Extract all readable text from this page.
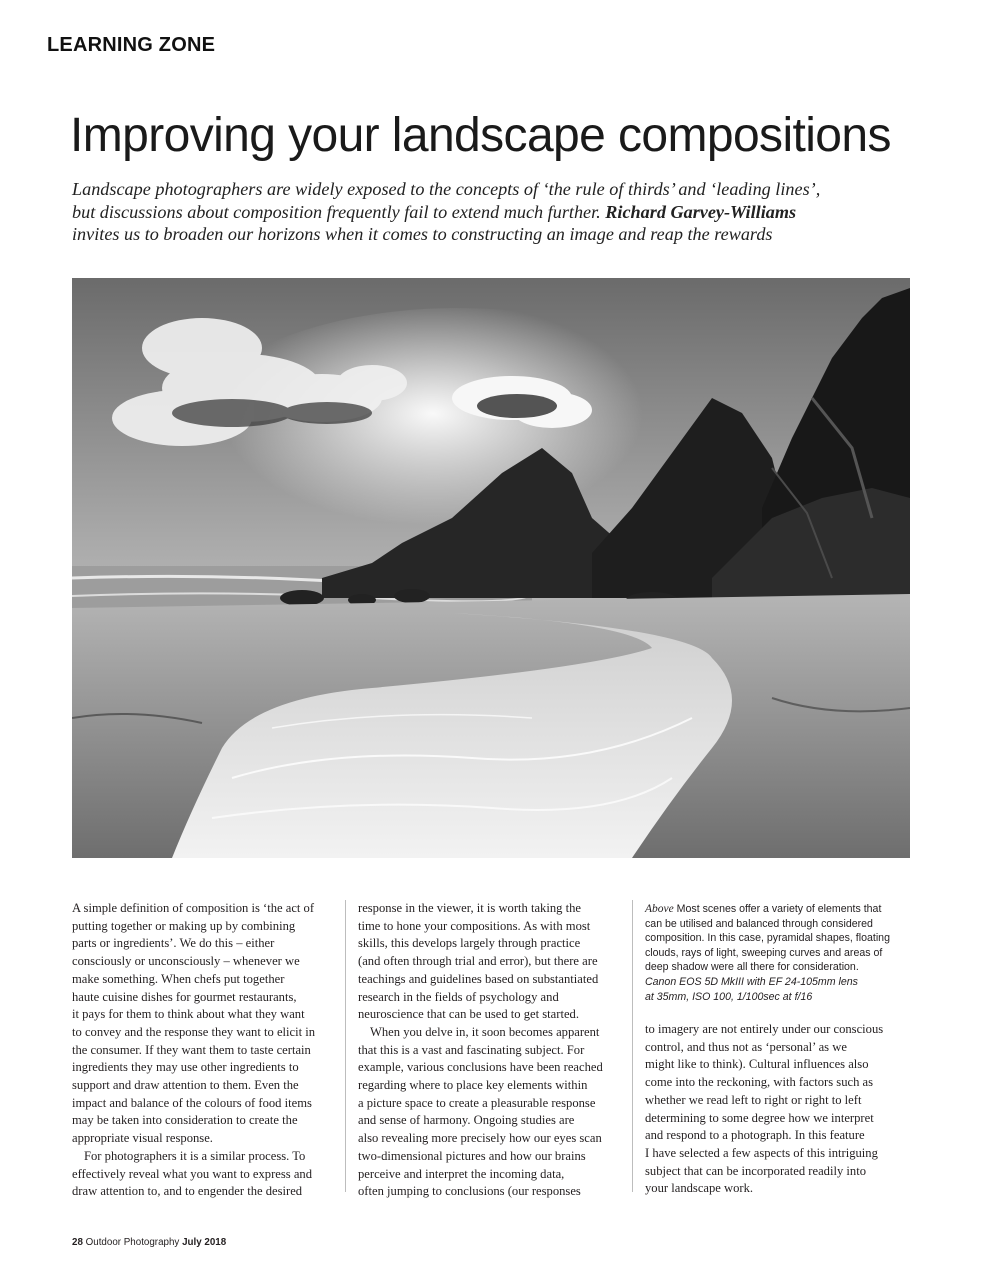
LEARNING ZONE
Improving your landscape compositions
Landscape photographers are widely exposed to the concepts of ‘the rule of thirds’ and ‘leading lines’,
but discussions about composition frequently fail to extend much further. Richard Garvey-Williams
invites us to broaden our horizons when it comes to constructing an image and reap the rewards
A simple definition of composition is ‘the act of
putting together or making up by combining
parts or ingredients’. We do this – either
consciously or unconsciously – whenever we
make something. When chefs put together
haute cuisine dishes for gourmet restaurants,
it pays for them to think about what they want
to convey and the response they want to elicit in
the consumer. If they want them to taste certain
ingredients they may use other ingredients to
support and draw attention to them. Even the
impact and balance of the colours of food items
may be taken into consideration to create the
appropriate visual response.
For photographers it is a similar process. To
effectively reveal what you want to express and
draw attention to, and to engender the desired
response in the viewer, it is worth taking the
time to hone your compositions. As with most
skills, this develops largely through practice
(and often through trial and error), but there are
teachings and guidelines based on substantiated
research in the fields of psychology and
neuroscience that can be used to get started.
When you delve in, it soon becomes apparent
that this is a vast and fascinating subject. For
example, various conclusions have been reached
regarding where to place key elements within
a picture space to create a pleasurable response
and sense of harmony. Ongoing studies are
also revealing more precisely how our eyes scan
two-dimensional pictures and how our brains
perceive and interpret the incoming data,
often jumping to conclusions (our responses
Above Most scenes offer a variety of elements that
can be utilised and balanced through considered
composition. In this case, pyramidal shapes, floating
clouds, rays of light, sweeping curves and areas of
deep shadow were all there for consideration.
Canon EOS 5D MkIII with EF 24-105mm lens
at 35mm, ISO 100, 1/100sec at f/16
to imagery are not entirely under our conscious
control, and thus not as ‘personal’ as we
might like to think). Cultural influences also
come into the reckoning, with factors such as
whether we read left to right or right to left
determining to some degree how we interpret
and respond to a photograph. In this feature
I have selected a few aspects of this intriguing
subject that can be incorporated readily into
your landscape work.
28 Outdoor Photography July 2018
